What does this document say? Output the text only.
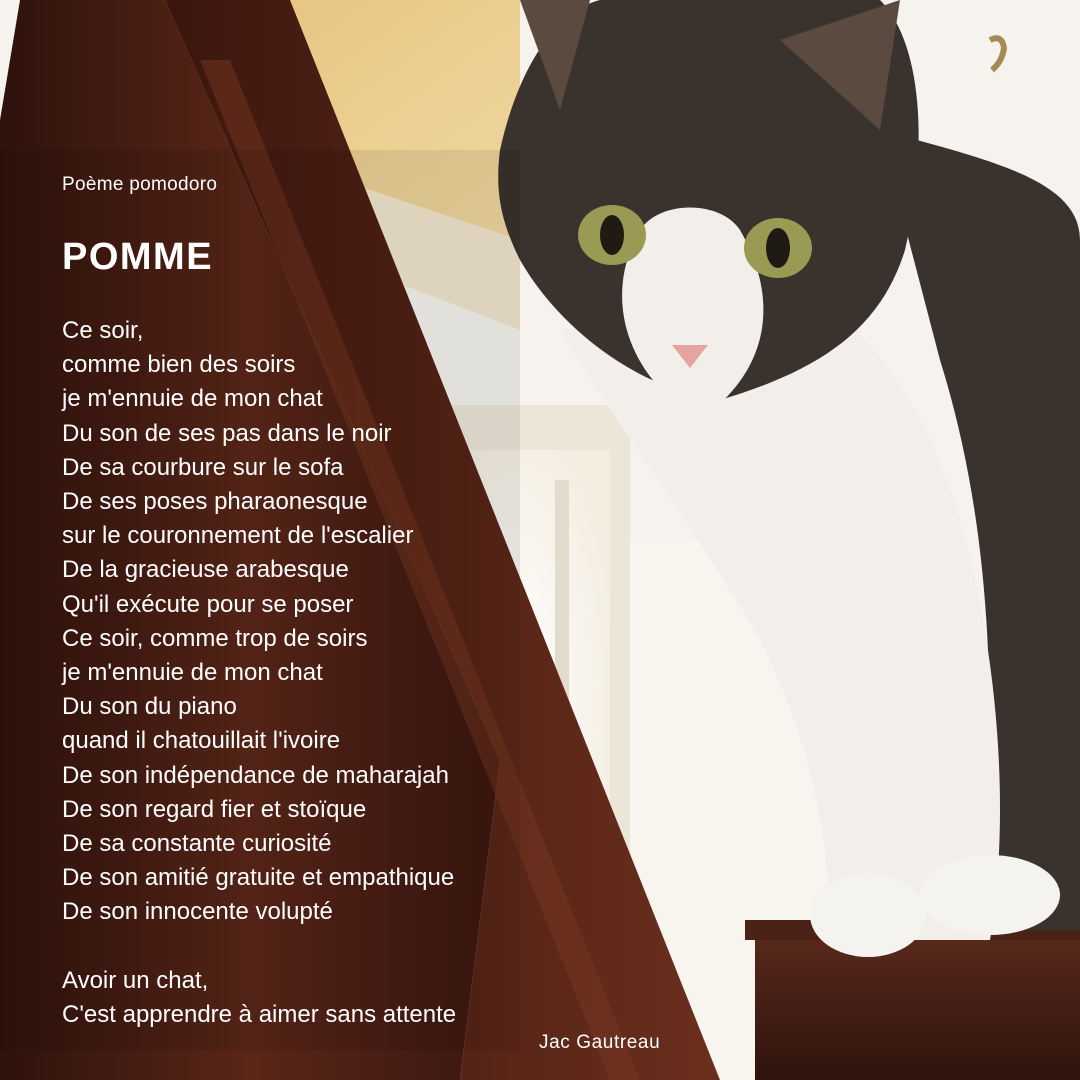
Poème pomodoro
POMME
Ce soir,
comme bien des soirs
je m'ennuie de mon chat
Du son de ses pas dans le noir
De sa courbure sur le sofa
De ses poses pharaonesque
sur le couronnement de l'escalier
De la gracieuse arabesque
Qu'il exécute pour se poser
Ce soir, comme trop de soirs
je m'ennuie de mon chat
Du son du piano
quand il chatouillait l'ivoire
De son indépendance de maharajah
De son regard fier et stoïque
De sa constante curiosité
De son amitié gratuite et empathique
De son innocente volupté
Avoir un chat,
C'est apprendre à aimer sans attente
Jac Gautreau
